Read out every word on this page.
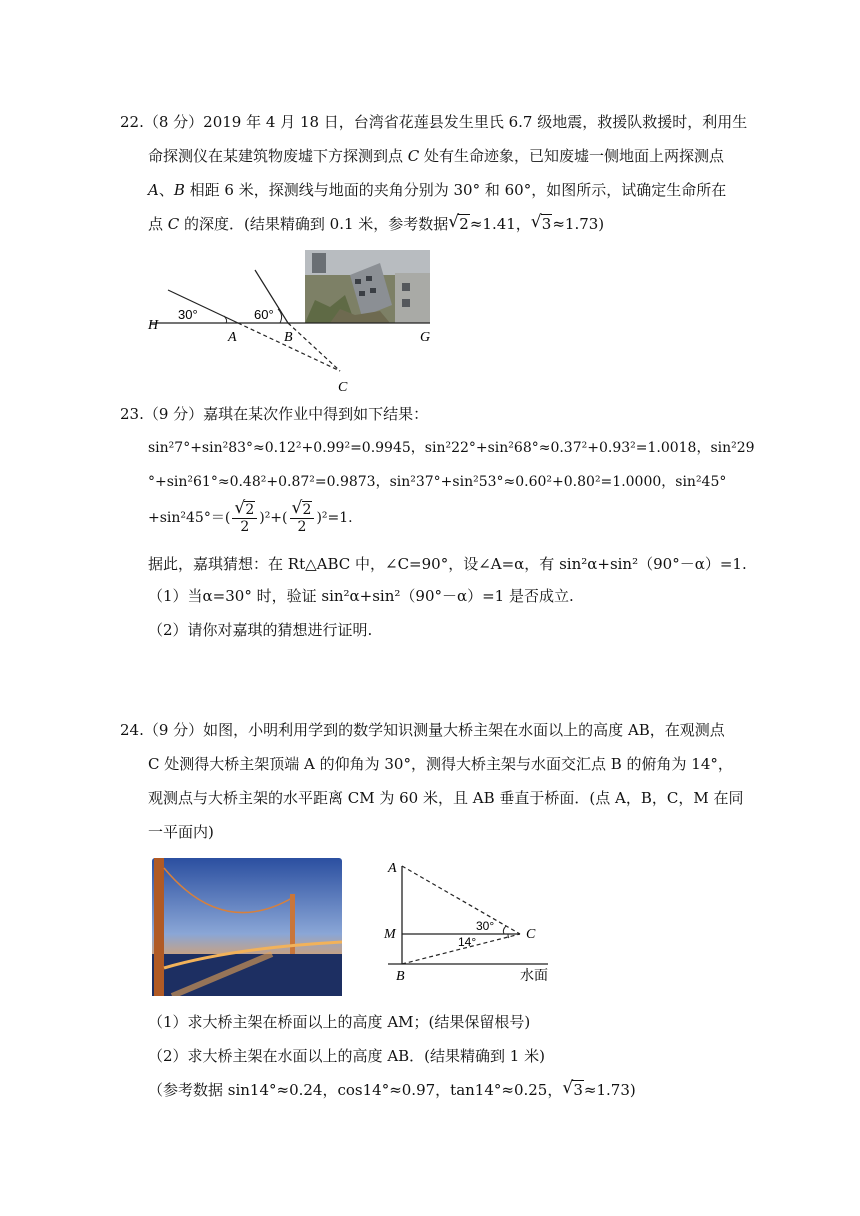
22.（8 分）2019 年 4 月 18 日，台湾省花莲县发生里氏 6.7 级地震，救援队救援时，利用生
命探测仪在某建筑物废墟下方探测到点 C 处有生命迹象，已知废墟一侧地面上两探测点
A、B 相距 6 米，探测线与地面的夹角分别为 30° 和 60°，如图所示，试确定生命所在
点 C 的深度．(结果精确到 0.1 米，参考数据 √ 2≈1.41， √ 3≈1.73)
H
30°	60°
A	B
C
G
23.（9 分）嘉琪在某次作业中得到如下结果：
sin²7°+sin²83°≈0.12²+0.99²=0.9945，sin²22°+sin²68°≈0.37²+0.93²=1.0018，sin²29
°+sin²61°≈0.48²+0.87²=0.9873，sin²37°+sin²53°≈0.60²+0.80²=1.0000，sin²45°
+sin²45°＝( √ $\frac{2}{2} )^2+$( √ $\frac{2}{2} )^2=1$.
据此，嘉琪猜想：在 Rt△ABC 中，∠C=90°，设∠A=α，有 sin²α+sin²（90°－α）=1.
（1）当α=30° 时，验证 sin²α+sin²（90°－α）=1 是否成立.
（2）请你对嘉琪的猜想进行证明.
24.（9 分）如图，小明利用学到的数学知识测量大桥主架在水面以上的高度 AB，在观测点
C 处测得大桥主架顶端 A 的仰角为 30°，测得大桥主架与水面交汇点 B 的俯角为 14°，
观测点与大桥主架的水平距离 CM 为 60 米，且 AB 垂直于桥面．(点 A，B，C，M 在同
一平面内)
A
M
B
C
30°
14°
水面
（1）求大桥主架在桥面以上的高度 AM；(结果保留根号)
（2）求大桥主架在水面以上的高度 AB．(结果精确到 1 米)
（参考数据 sin14°≈0.24，cos14°≈0.97，tan14°≈0.25， √ 3≈1.73)
